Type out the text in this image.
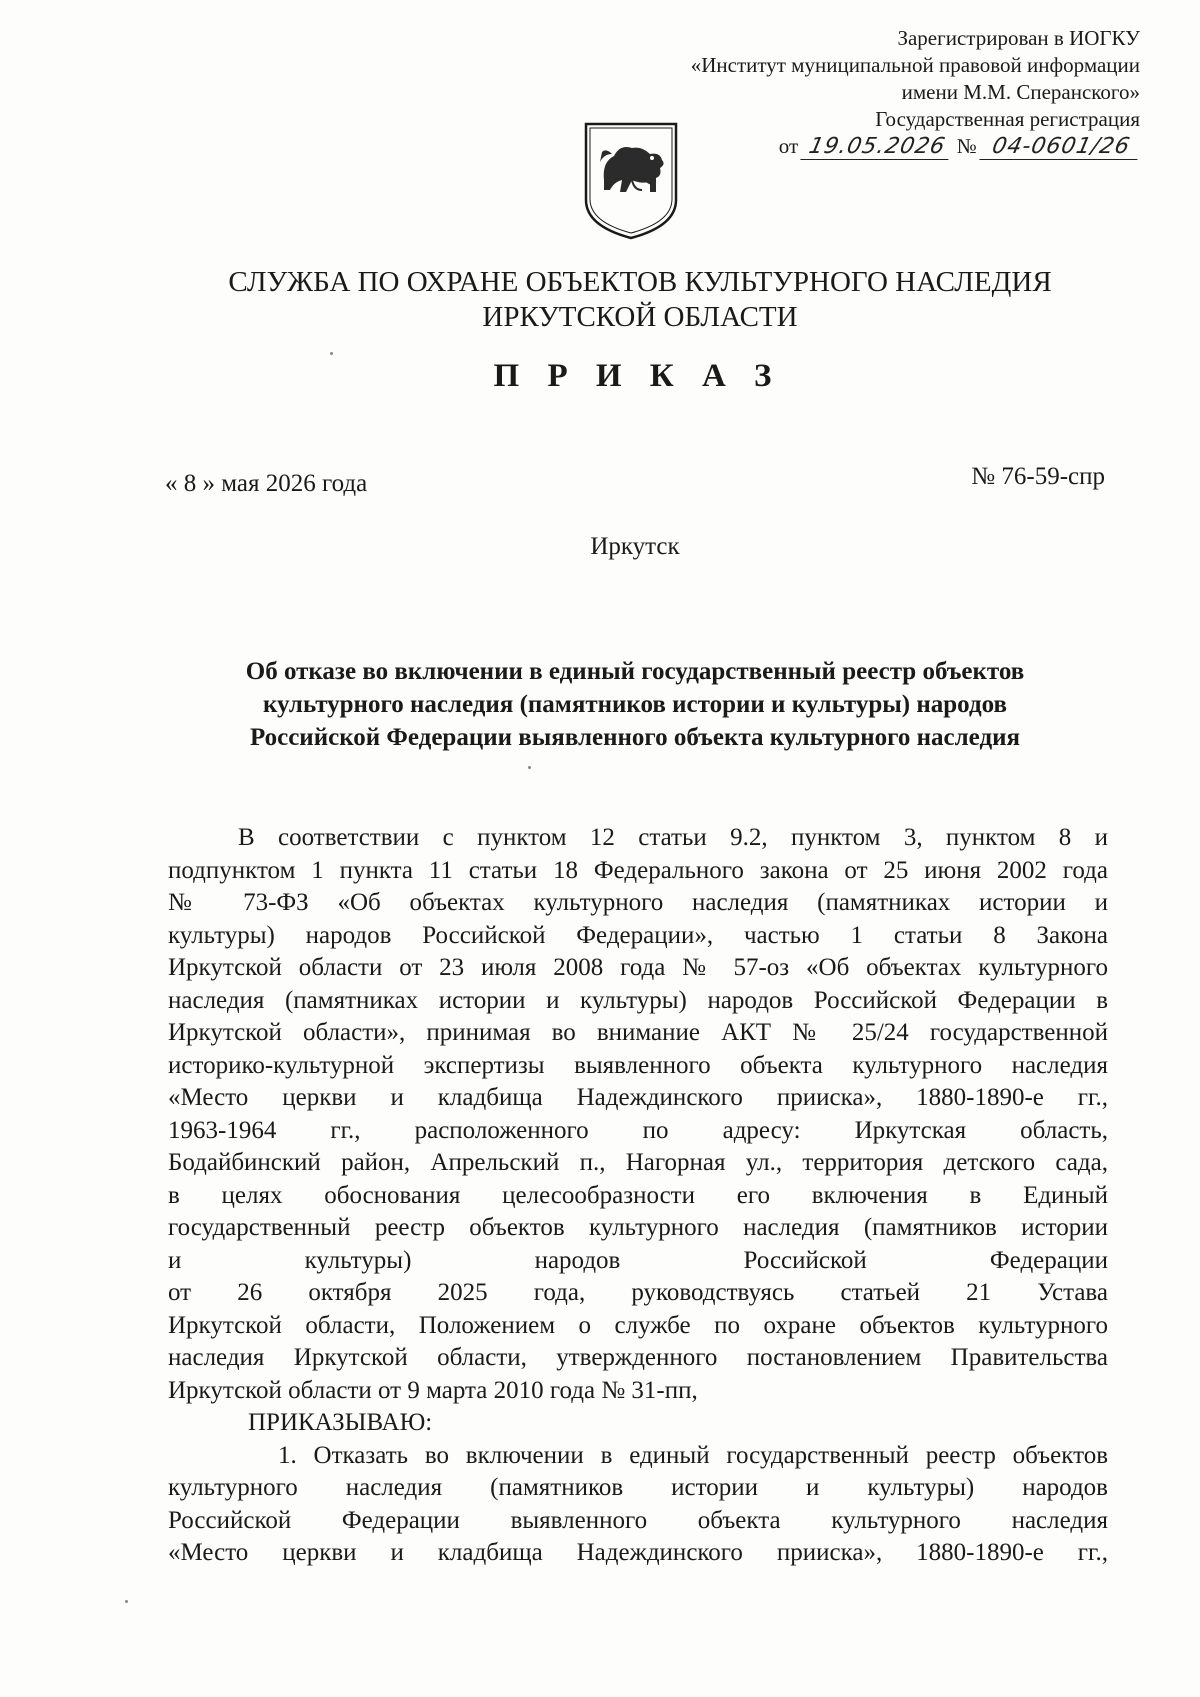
Зарегистрирован в ИОГКУ
«Институт муниципальной правовой информации
имени М.М. Сперанского»
Государственная регистрация
от 19.05.2026 № 04-0601/26
СЛУЖБА ПО ОХРАНЕ ОБЪЕКТОВ КУЛЬТУРНОГО НАСЛЕДИЯ
ИРКУТСКОЙ ОБЛАСТИ
П Р И К А З
« 8 » мая 2026 года	№ 76-59-спр
Иркутск
Об отказе во включении в единый государственный реестр объектов
культурного наследия (памятников истории и культуры) народов
Российской Федерации выявленного объекта культурного наследия
В соответствии с пунктом 12 статьи 9.2, пунктом 3, пунктом 8 и
подпунктом 1 пункта 11 статьи 18 Федерального закона от 25 июня 2002 года
№ 73-ФЗ «Об объектах культурного наследия (памятниках истории и
культуры) народов Российской Федерации», частью 1 статьи 8 Закона
Иркутской области от 23 июля 2008 года № 57-оз «Об объектах культурного
наследия (памятниках истории и культуры) народов Российской Федерации в
Иркутской области», принимая во внимание АКТ № 25/24 государственной
историко-культурной экспертизы выявленного объекта культурного наследия
«Место церкви и кладбища Надеждинского прииска», 1880-1890-е гг.,
1963-1964 гг., расположенного по адресу: Иркутская область,
Бодайбинский район, Апрельский п., Нагорная ул., территория детского сада,
в целях обоснования целесообразности его включения в Единый
государственный реестр объектов культурного наследия (памятников истории
и культуры) народов Российской Федерации
от 26 октября 2025 года, руководствуясь статьей 21 Устава
Иркутской области, Положением о службе по охране объектов культурного
наследия Иркутской области, утвержденного постановлением Правительства
Иркутской области от 9 марта 2010 года № 31-пп,
ПРИКАЗЫВАЮ:
1. Отказать во включении в единый государственный реестр объектов
культурного наследия (памятников истории и культуры) народов
Российской Федерации выявленного объекта культурного наследия
«Место церкви и кладбища Надеждинского прииска», 1880-1890-е гг.,
